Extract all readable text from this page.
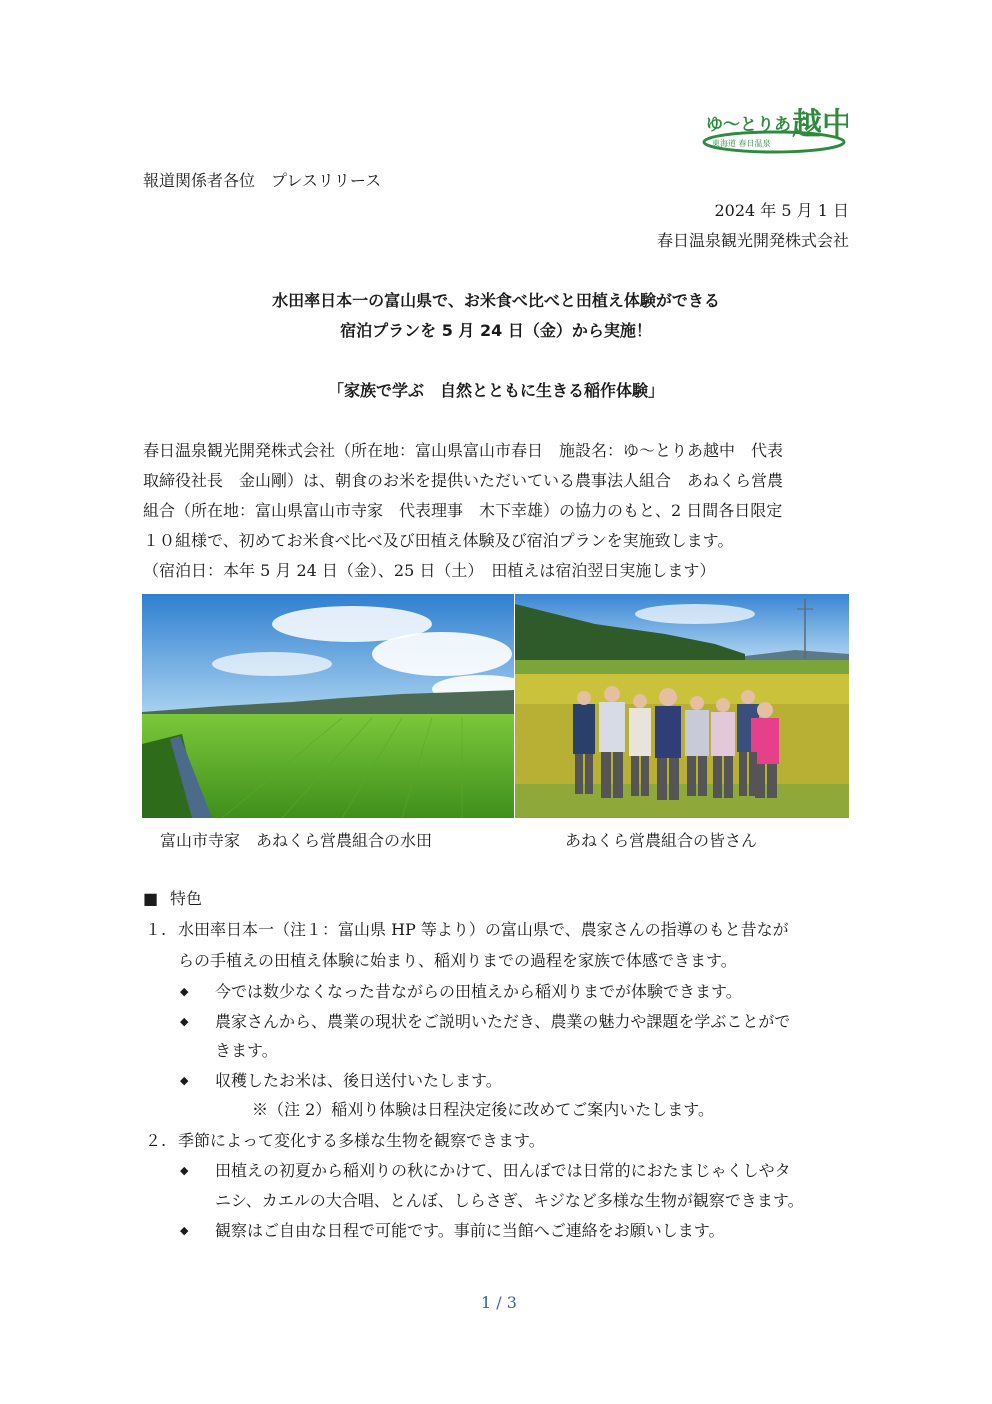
ゆ〜とりあ 越中
東海道 春日温泉
報道関係者各位　プレスリリース
2024 年 5 月 1 日
春日温泉観光開発株式会社
水田率日本一の富山県で、お米食べ比べと田植え体験ができる
宿泊プランを 5 月 24 日（金）から実施！
「家族で学ぶ　自然とともに生きる稲作体験」
春日温泉観光開発株式会社（所在地：富山県富山市春日　施設名：ゆ〜とりあ越中　代表
取締役社長　金山剛）は、朝食のお米を提供いただいている農事法人組合　あねくら営農
組合（所在地：富山県富山市寺家　代表理事　木下幸雄）の協力のもと、2 日間各日限定
１０組様で、初めてお米食べ比べ及び田植え体験及び宿泊プランを実施致します。
（宿泊日：本年 5 月 24 日（金）、25 日（土）　田植えは宿泊翌日実施します）
富山市寺家　あねくら営農組合の水田	あねくら営農組合の皆さん
■ 特色
１. 水田率日本一（注１：富山県 HP 等より）の富山県で、農家さんの指導のもと昔なが
らの手植えの田植え体験に始まり、稲刈りまでの過程を家族で体感できます。
◆ 今では数少なくなった昔ながらの田植えから稲刈りまでが体験できます。
◆ 農家さんから、農業の現状をご説明いただき、農業の魅力や課題を学ぶことがで
きます。
◆ 収穫したお米は、後日送付いたします。
※（注 2）稲刈り体験は日程決定後に改めてご案内いたします。
２. 季節によって変化する多様な生物を観察できます。
◆ 田植えの初夏から稲刈りの秋にかけて、田んぼでは日常的におたまじゃくしやタ
ニシ、カエルの大合唱、とんぼ、しらさぎ、キジなど多様な生物が観察できます。
◆ 観察はご自由な日程で可能です。事前に当館へご連絡をお願いします。
1 / 3
